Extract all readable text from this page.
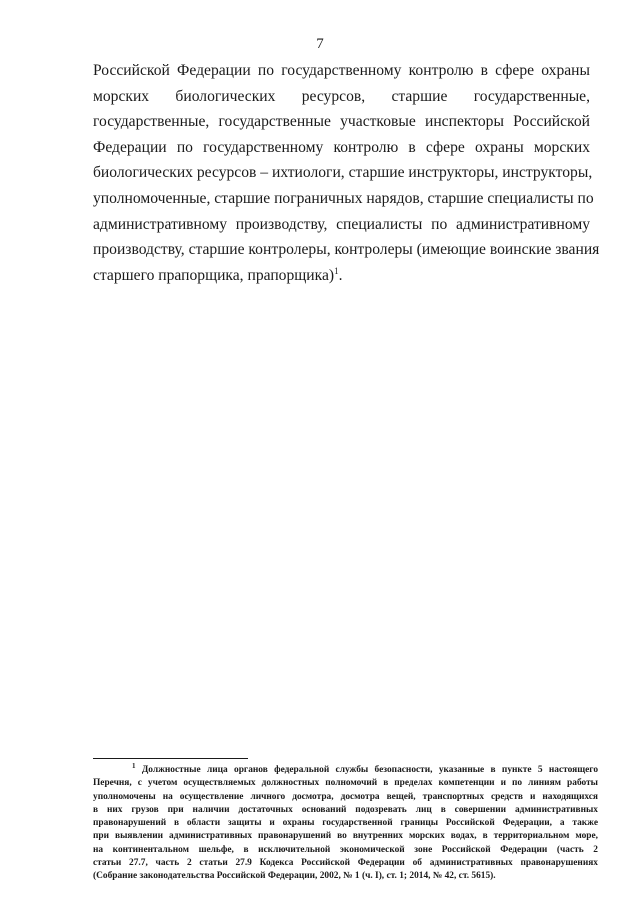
7
Российской Федерации по государственному контролю в сфере охраны
морских биологических ресурсов, старшие государственные,
государственные, государственные участковые инспекторы Российской
Федерации по государственному контролю в сфере охраны морских
биологических ресурсов – ихтиологи, старшие инструкторы, инструкторы,
уполномоченные, старшие пограничных нарядов, старшие специалисты по
административному производству, специалисты по административному
производству, старшие контролеры, контролеры (имеющие воинские звания
старшего прапорщика, прапорщика)$^1$.
$^1$ Должностные лица органов федеральной службы безопасности, указанные в пункте 5 настоящего
Перечня, с учетом осуществляемых должностных полномочий в пределах компетенции и по линиям работы
уполномочены на осуществление личного досмотра, досмотра вещей, транспортных средств и находящихся
в них грузов при наличии достаточных оснований подозревать лиц в совершении административных
правонарушений в области защиты и охраны государственной границы Российской Федерации, а также
при выявлении административных правонарушений во внутренних морских водах, в территориальном море,
на континентальном шельфе, в исключительной экономической зоне Российской Федерации (часть 2
статьи 27.7, часть 2 статьи 27.9 Кодекса Российской Федерации об административных правонарушениях
(Собрание законодательства Российской Федерации, 2002, № 1 (ч. I), ст. 1; 2014, № 42, ст. 5615).
